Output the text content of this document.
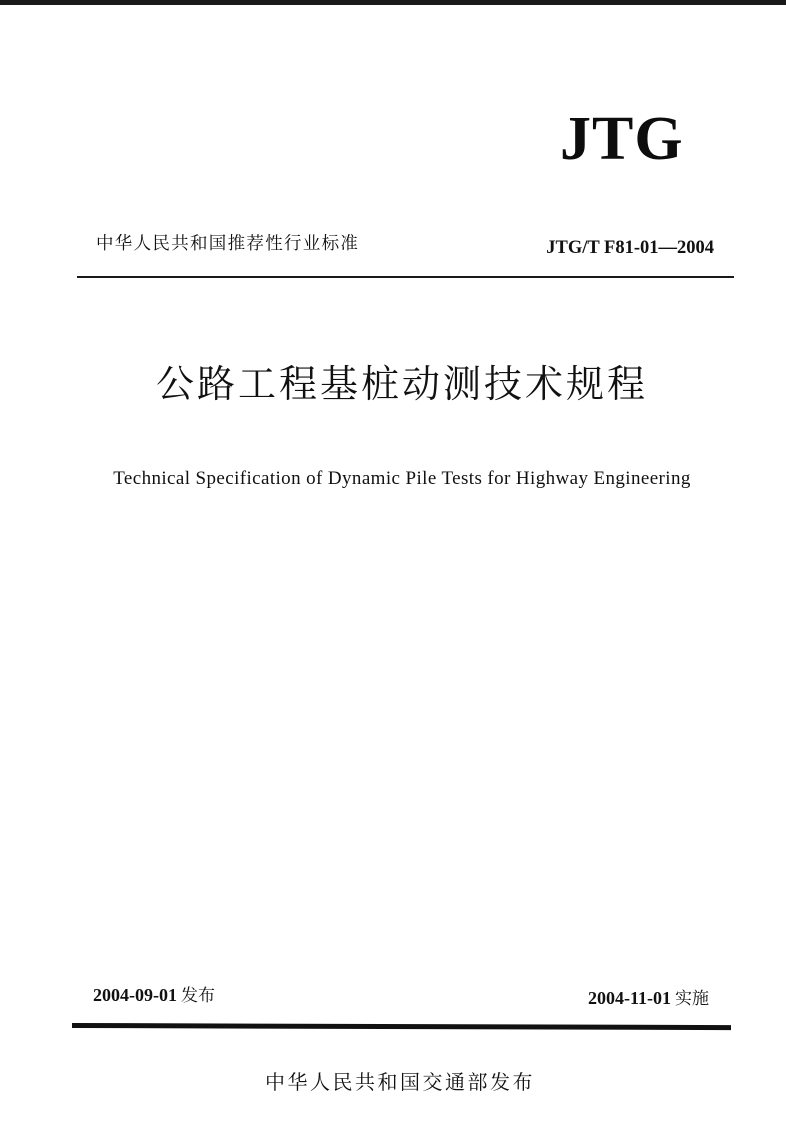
JTG
中华人民共和国推荐性行业标准	JTG/T F81-01—2004
公路工程基桩动测技术规程
Technical Specification of Dynamic Pile Tests for Highway Engineering
2004-09-01 发布	2004-11-01 实施
中华人民共和国交通部发布
